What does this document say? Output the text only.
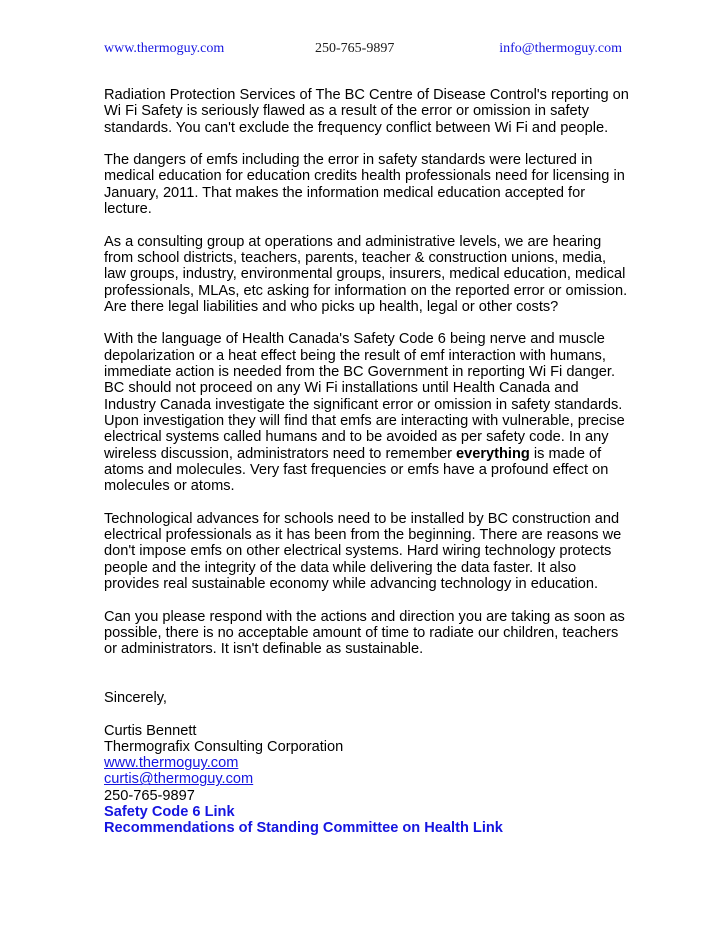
www.thermoguy.com	250-765-9897	info@thermoguy.com

Radiation Protection Services of The BC Centre of Disease Control's reporting on Wi Fi Safety is seriously flawed as a result of the error or omission in safety standards. You can't exclude the frequency conflict between Wi Fi and people.

The dangers of emfs including the error in safety standards were lectured in medical education for education credits health professionals need for licensing in January, 2011. That makes the information medical education accepted for lecture.

As a consulting group at operations and administrative levels, we are hearing from school districts, teachers, parents, teacher & construction unions, media, law groups, industry, environmental groups, insurers, medical education, medical professionals, MLAs, etc asking for information on the reported error or omission. Are there legal liabilities and who picks up health, legal or other costs?

With the language of Health Canada's Safety Code 6 being nerve and muscle depolarization or a heat effect being the result of emf interaction with humans, immediate action is needed from the BC Government in reporting Wi Fi danger. BC should not proceed on any Wi Fi installations until Health Canada and Industry Canada investigate the significant error or omission in safety standards. Upon investigation they will find that emfs are interacting with vulnerable, precise electrical systems called humans and to be avoided as per safety code. In any wireless discussion, administrators need to remember everything is made of atoms and molecules. Very fast frequencies or emfs have a profound effect on molecules or atoms.

Technological advances for schools need to be installed by BC construction and electrical professionals as it has been from the beginning. There are reasons we don't impose emfs on other electrical systems. Hard wiring technology protects people and the integrity of the data while delivering the data faster. It also provides real sustainable economy while advancing technology in education.

Can you please respond with the actions and direction you are taking as soon as possible, there is no acceptable amount of time to radiate our children, teachers or administrators. It isn't definable as sustainable.

Sincerely,

Curtis Bennett
Thermografix Consulting Corporation
www.thermoguy.com
curtis@thermoguy.com
250-765-9897
Safety Code 6 Link
Recommendations of Standing Committee on Health Link
